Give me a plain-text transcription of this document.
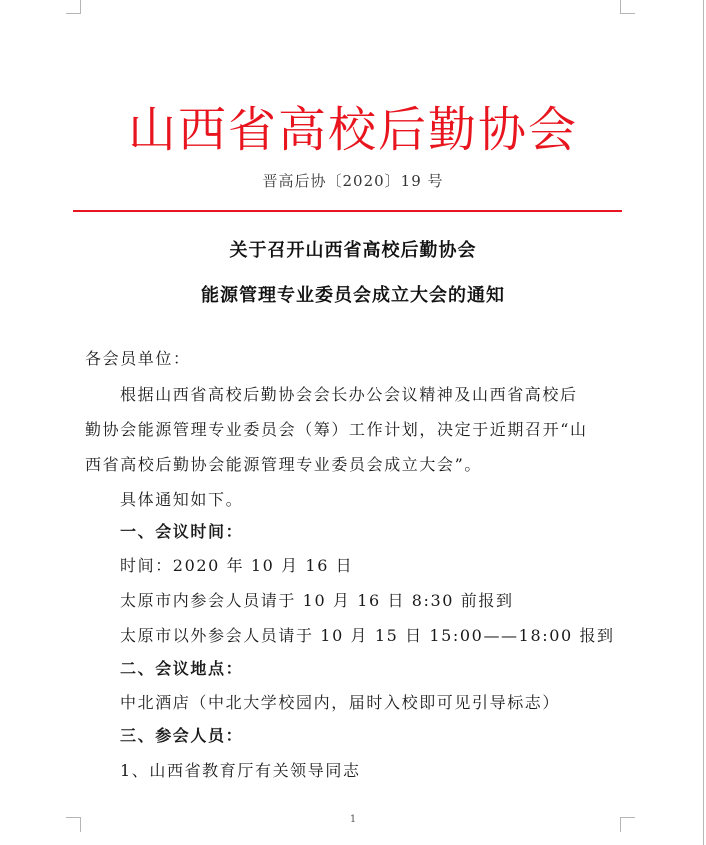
山西省高校后勤协会
晋高后协〔2020〕19 号
关于召开山西省高校后勤协会
能源管理专业委员会成立大会的通知
各会员单位：
根据山西省高校后勤协会会长办公会议精神及山西省高校后
勤协会能源管理专业委员会（筹）工作计划，决定于近期召开“山
西省高校后勤协会能源管理专业委员会成立大会”。
具体通知如下。
一、会议时间：
时间：2020 年 10 月 16 日
太原市内参会人员请于 10 月 16 日 8:30 前报到
太原市以外参会人员请于 10 月 15 日 15:00——18:00 报到
二、会议地点：
中北酒店（中北大学校园内，届时入校即可见引导标志）
三、参会人员：
1、山西省教育厅有关领导同志
1
